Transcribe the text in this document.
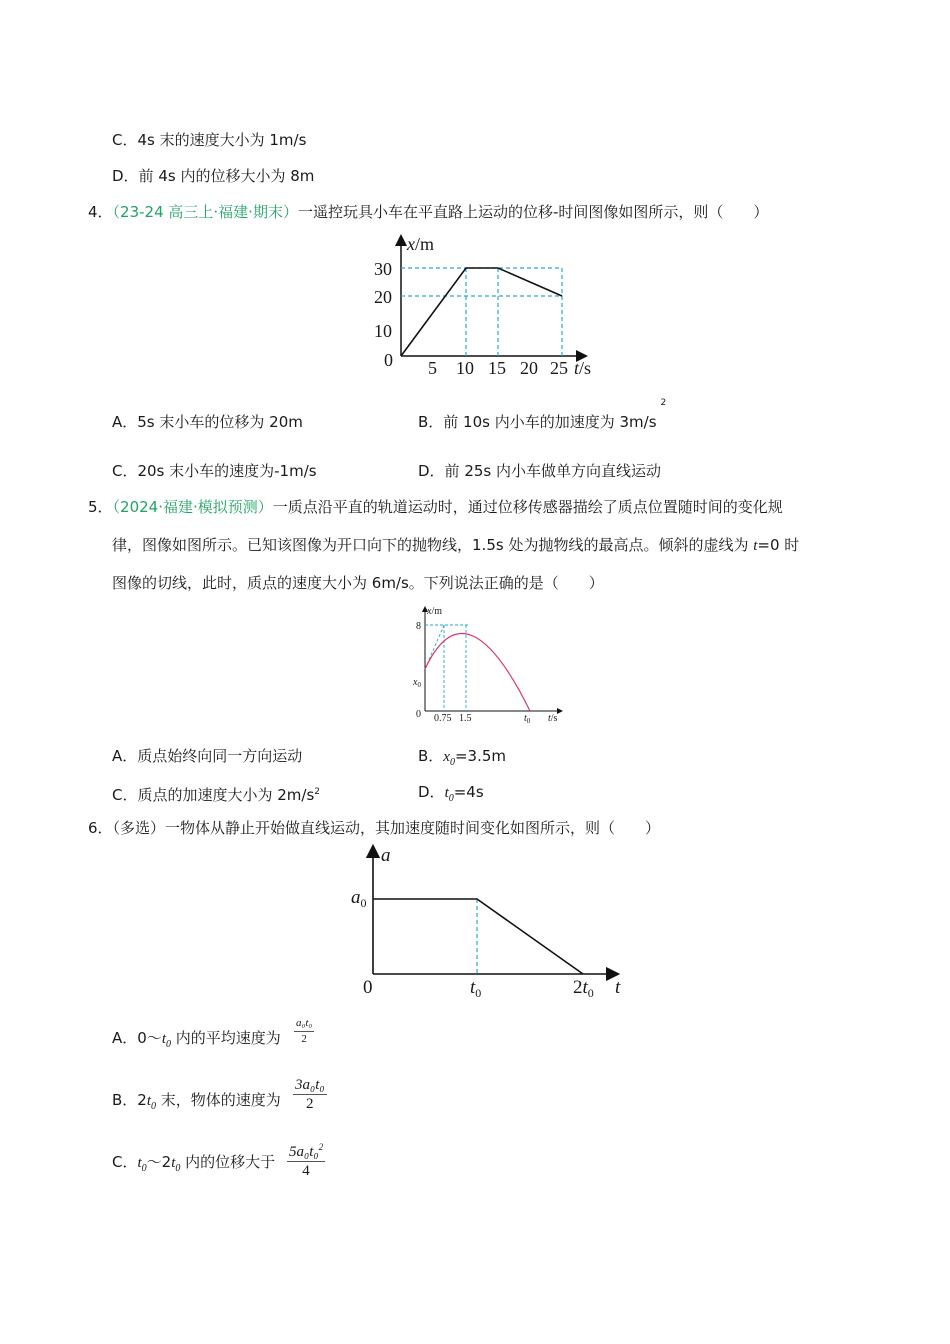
C．4s 末的速度大小为 1m/s
D．前 4s 内的位移大小为 8m
4．（23-24 高三上·福建·期末）一遥控玩具小车在平直路上运动的位移-时间图像如图所示，则（　　）
x/m
0
10
20
30
5 10 15 20 25 t/s
A．5s 末小车的位移为 20m	B．前 10s 内小车的加速度为 $3m/s^2$
C．20s 末小车的速度为-1m/s	D．前 25s 内小车做单方向直线运动
5．（2024·福建·模拟预测）一质点沿平直的轨道运动时，通过位移传感器描绘了质点位置随时间的变化规
律，图像如图所示。已知该图像为开口向下的抛物线，1.5s 处为抛物线的最高点。倾斜的虚线为 t=0 时
图像的切线，此时，质点的速度大小为 6m/s。下列说法正确的是（　　）
x/m
8
$x_0$
0 0.75 1.5	$t_0$ t/s
A．质点始终向同一方向运动	B．$x_0=3.5m$
C．质点的加速度大小为 $2m/s^2$	D．$t_0=4s$
6．（多选）一物体从静止开始做直线运动，其加速度随时间变化如图所示，则（　　）
a
$a_0$
0	$t_0$	$2t_0$ t
A．$0\sim t_0$ 内的平均速度为 $\frac{\text{a₀t₀}}{2}$
B．$2t_0$ 末，物体的速度为 $\frac{\text{3a₀t₀}}{2}$
C．$t_0\sim 2t_0$ 内的位移大于 $\frac{5a_0t_0^2}{4}$
